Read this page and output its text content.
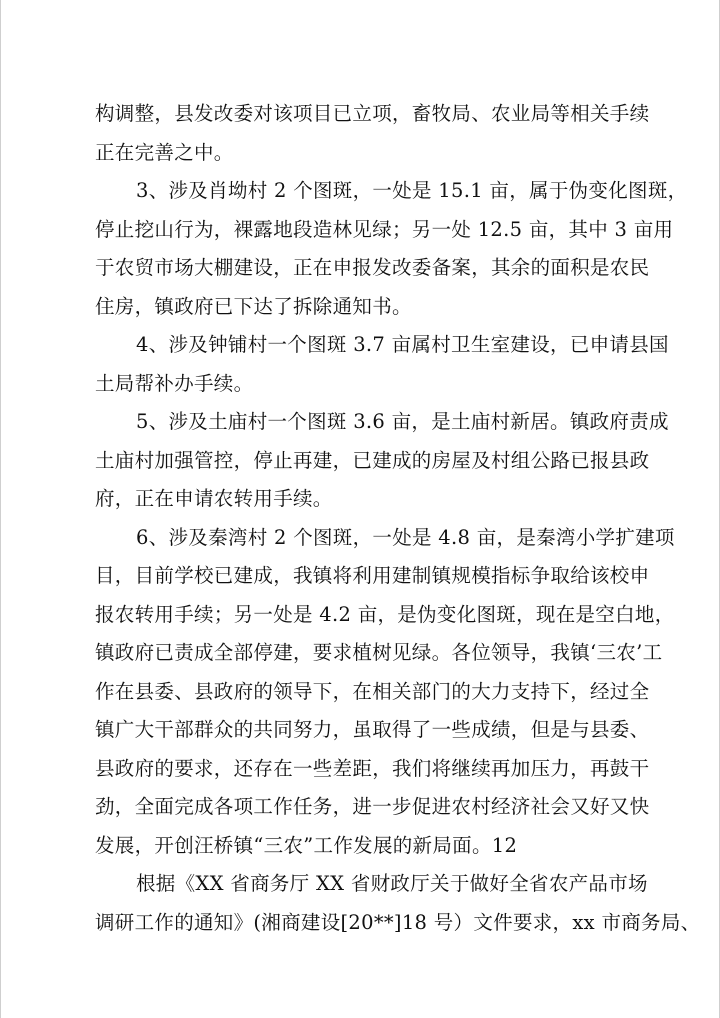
构调整，县发改委对该项目已立项，畜牧局、农业局等相关手续
正在完善之中。

3、涉及肖坳村 2 个图斑，一处是 15.1 亩，属于伪变化图斑，
停止挖山行为，裸露地段造林见绿；另一处 12.5 亩，其中 3 亩用
于农贸市场大棚建设，正在申报发改委备案，其余的面积是农民
住房，镇政府已下达了拆除通知书。

4、涉及钟铺村一个图斑 3.7 亩属村卫生室建设，已申请县国
土局帮补办手续。

5、涉及土庙村一个图斑 3.6 亩，是土庙村新居。镇政府责成
土庙村加强管控，停止再建，已建成的房屋及村组公路已报县政
府，正在申请农转用手续。

6、涉及秦湾村 2 个图斑，一处是 4.8 亩，是秦湾小学扩建项
目，目前学校已建成，我镇将利用建制镇规模指标争取给该校申
报农转用手续；另一处是 4.2 亩，是伪变化图斑，现在是空白地，
镇政府已责成全部停建，要求植树见绿。各位领导，我镇‘三农’工
作在县委、县政府的领导下，在相关部门的大力支持下，经过全
镇广大干部群众的共同努力，虽取得了一些成绩，但是与县委、
县政府的要求，还存在一些差距，我们将继续再加压力，再鼓干
劲，全面完成各项工作任务，进一步促进农村经济社会又好又快
发展，开创汪桥镇“三农”工作发展的新局面。12

根据《XX 省商务厅 XX 省财政厅关于做好全省农产品市场
调研工作的通知》(湘商建设[20**]18 号）文件要求，xx 市商务局、
